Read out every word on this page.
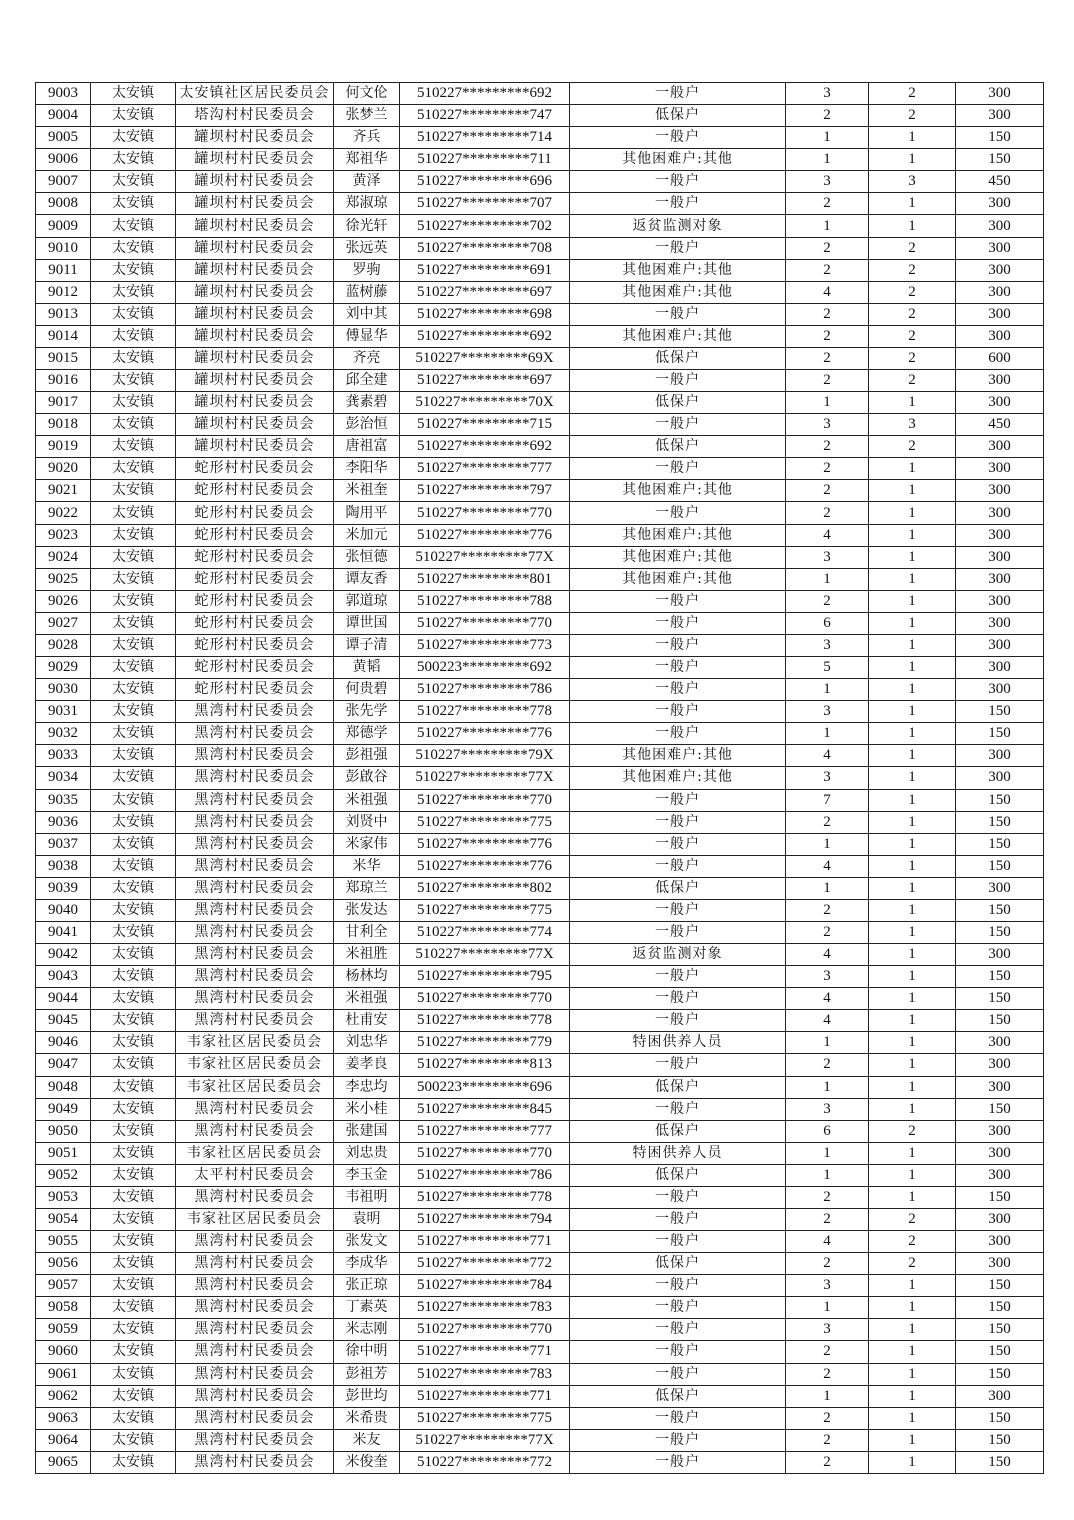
9003	太安镇	太安镇社区居民委员会	何文伦	510227*********692	一般户	3	2	300
9004	太安镇	塔沟村村民委员会	张梦兰	510227*********747	低保户	2	2	300
9005	太安镇	罐坝村村民委员会	齐兵	510227*********714	一般户	1	1	150
9006	太安镇	罐坝村村民委员会	郑祖华	510227*********711	其他困难户:其他	1	1	150
9007	太安镇	罐坝村村民委员会	黄泽	510227*********696	一般户	3	3	450
9008	太安镇	罐坝村村民委员会	郑淑琼	510227*********707	一般户	2	1	300
9009	太安镇	罐坝村村民委员会	徐光轩	510227*********702	返贫监测对象	1	1	300
9010	太安镇	罐坝村村民委员会	张远英	510227*********708	一般户	2	2	300
9011	太安镇	罐坝村村民委员会	罗驹	510227*********691	其他困难户:其他	2	2	300
9012	太安镇	罐坝村村民委员会	蓝树藤	510227*********697	其他困难户:其他	4	2	300
9013	太安镇	罐坝村村民委员会	刘中其	510227*********698	一般户	2	2	300
9014	太安镇	罐坝村村民委员会	傅显华	510227*********692	其他困难户:其他	2	2	300
9015	太安镇	罐坝村村民委员会	齐亮	510227*********69X	低保户	2	2	600
9016	太安镇	罐坝村村民委员会	邱全建	510227*********697	一般户	2	2	300
9017	太安镇	罐坝村村民委员会	龚素碧	510227*********70X	低保户	1	1	300
9018	太安镇	罐坝村村民委员会	彭治恒	510227*********715	一般户	3	3	450
9019	太安镇	罐坝村村民委员会	唐祖富	510227*********692	低保户	2	2	300
9020	太安镇	蛇形村村民委员会	李阳华	510227*********777	一般户	2	1	300
9021	太安镇	蛇形村村民委员会	米祖奎	510227*********797	其他困难户:其他	2	1	300
9022	太安镇	蛇形村村民委员会	陶用平	510227*********770	一般户	2	1	300
9023	太安镇	蛇形村村民委员会	米加元	510227*********776	其他困难户:其他	4	1	300
9024	太安镇	蛇形村村民委员会	张恒德	510227*********77X	其他困难户:其他	3	1	300
9025	太安镇	蛇形村村民委员会	谭友香	510227*********801	其他困难户:其他	1	1	300
9026	太安镇	蛇形村村民委员会	郭道琼	510227*********788	一般户	2	1	300
9027	太安镇	蛇形村村民委员会	谭世国	510227*********770	一般户	6	1	300
9028	太安镇	蛇形村村民委员会	谭子清	510227*********773	一般户	3	1	300
9029	太安镇	蛇形村村民委员会	黄韬	500223*********692	一般户	5	1	300
9030	太安镇	蛇形村村民委员会	何贵碧	510227*********786	一般户	1	1	300
9031	太安镇	黑湾村村民委员会	张先学	510227*********778	一般户	3	1	150
9032	太安镇	黑湾村村民委员会	郑德学	510227*********776	一般户	1	1	150
9033	太安镇	黑湾村村民委员会	彭祖强	510227*********79X	其他困难户:其他	4	1	300
9034	太安镇	黑湾村村民委员会	彭啟谷	510227*********77X	其他困难户:其他	3	1	300
9035	太安镇	黑湾村村民委员会	米祖强	510227*********770	一般户	7	1	150
9036	太安镇	黑湾村村民委员会	刘贤中	510227*********775	一般户	2	1	150
9037	太安镇	黑湾村村民委员会	米家伟	510227*********776	一般户	1	1	150
9038	太安镇	黑湾村村民委员会	米华	510227*********776	一般户	4	1	150
9039	太安镇	黑湾村村民委员会	郑琼兰	510227*********802	低保户	1	1	300
9040	太安镇	黑湾村村民委员会	张发达	510227*********775	一般户	2	1	150
9041	太安镇	黑湾村村民委员会	甘利全	510227*********774	一般户	2	1	150
9042	太安镇	黑湾村村民委员会	米祖胜	510227*********77X	返贫监测对象	4	1	300
9043	太安镇	黑湾村村民委员会	杨林均	510227*********795	一般户	3	1	150
9044	太安镇	黑湾村村民委员会	米祖强	510227*********770	一般户	4	1	150
9045	太安镇	黑湾村村民委员会	杜甫安	510227*********778	一般户	4	1	150
9046	太安镇	韦家社区居民委员会	刘忠华	510227*********779	特困供养人员	1	1	300
9047	太安镇	韦家社区居民委员会	姜孝良	510227*********813	一般户	2	1	300
9048	太安镇	韦家社区居民委员会	李忠均	500223*********696	低保户	1	1	300
9049	太安镇	黑湾村村民委员会	米小桂	510227*********845	一般户	3	1	150
9050	太安镇	黑湾村村民委员会	张建国	510227*********777	低保户	6	2	300
9051	太安镇	韦家社区居民委员会	刘忠贵	510227*********770	特困供养人员	1	1	300
9052	太安镇	太平村村民委员会	李玉金	510227*********786	低保户	1	1	300
9053	太安镇	黑湾村村民委员会	韦祖明	510227*********778	一般户	2	1	150
9054	太安镇	韦家社区居民委员会	袁明	510227*********794	一般户	2	2	300
9055	太安镇	黑湾村村民委员会	张发文	510227*********771	一般户	4	2	300
9056	太安镇	黑湾村村民委员会	李成华	510227*********772	低保户	2	2	300
9057	太安镇	黑湾村村民委员会	张正琼	510227*********784	一般户	3	1	150
9058	太安镇	黑湾村村民委员会	丁素英	510227*********783	一般户	1	1	150
9059	太安镇	黑湾村村民委员会	米志刚	510227*********770	一般户	3	1	150
9060	太安镇	黑湾村村民委员会	徐中明	510227*********771	一般户	2	1	150
9061	太安镇	黑湾村村民委员会	彭祖芳	510227*********783	一般户	2	1	150
9062	太安镇	黑湾村村民委员会	彭世均	510227*********771	低保户	1	1	300
9063	太安镇	黑湾村村民委员会	米希贵	510227*********775	一般户	2	1	150
9064	太安镇	黑湾村村民委员会	米友	510227*********77X	一般户	2	1	150
9065	太安镇	黑湾村村民委员会	米俊奎	510227*********772	一般户	2	1	150
